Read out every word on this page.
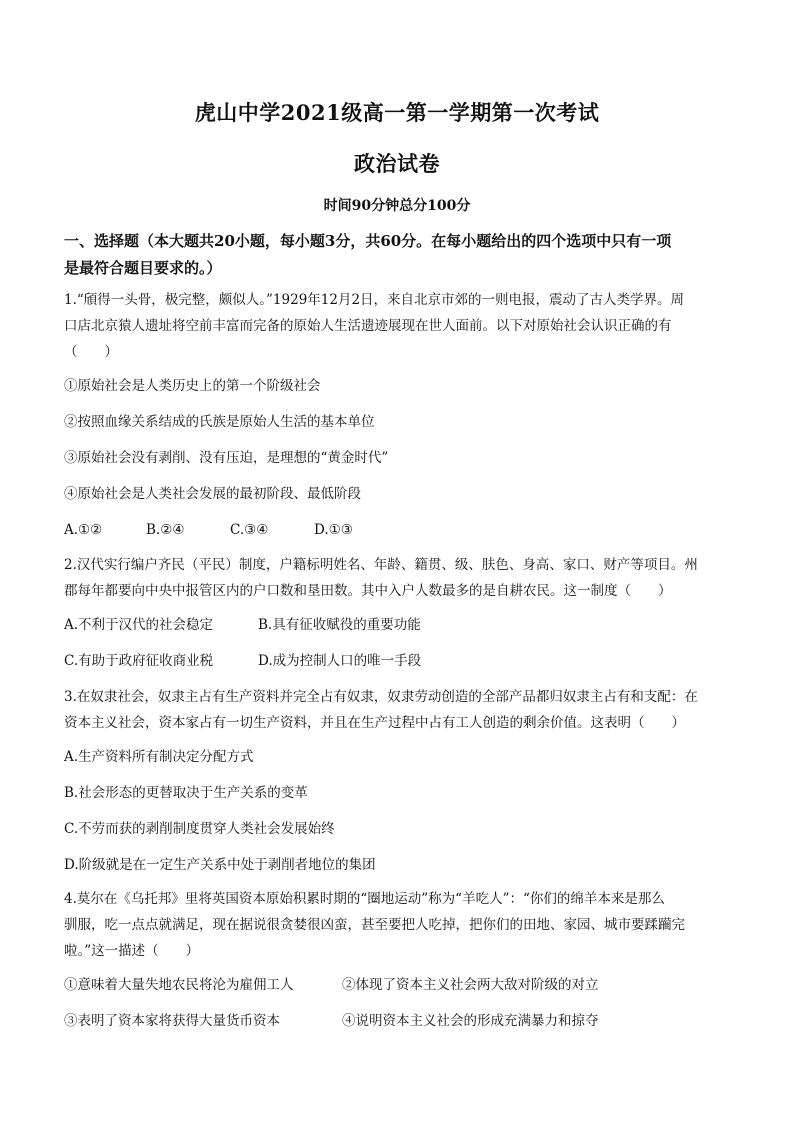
虎山中学2021级高一第一学期第一次考试
政治试卷
时间90分钟总分100分
一、选择题（本大题共20小题，每小题3分，共60分。在每小题给出的四个选项中只有一项
是最符合题目要求的。）
1.“頎得一头骨，极完整，颇似人。”1929年12月2日，来自北京市郊的一则电报，震动了古人类学界。周
口店北京猿人遗址将空前丰富而完备的原始人生活遗迹展现在世人面前。以下对原始社会认识正确的有
（　　）
①原始社会是人类历史上的第一个阶级社会
②按照血缘关系结成的氏族是原始人生活的基本单位
③原始社会没有剥削、没有压迫，是理想的“黄金时代”
④原始社会是人类社会发展的最初阶段、最低阶段
A.①②	B.②④	C.③④	D.①③
2.汉代实行编户齐民（平民）制度，户籍标明姓名、年龄、籍贯、级、肤色、身高、家口、财产等项目。州
郡每年都要向中央中报管区内的户口数和垦田数。其中入户人数最多的是自耕农民。这一制度（　　）
A.不利于汉代的社会稳定	B.具有征收赋役的重要功能
C.有助于政府征收商业税	D.成为控制人口的唯一手段
3.在奴隶社会，奴隶主占有生产资料并完全占有奴隶，奴隶劳动创造的全部产品都归奴隶主占有和支配：在
资本主义社会，资本家占有一切生产资料，并且在生产过程中占有工人创造的剩余价值。这表明（　　）
A.生产资料所有制决定分配方式
B.社会形态的更替取决于生产关系的变革
C.不劳而获的剥削制度贯穿人类社会发展始终
D.阶级就是在一定生产关系中处于剥削者地位的集团
4.莫尔在《乌托邦》里将英国资本原始积累时期的“圈地运动”称为“羊吃人”：“你们的绵羊本来是那么
驯服，吃一点点就满足，现在据说很贪婪很凶蛮，甚至要把人吃掉，把你们的田地、家园、城市要蹂躏完
啦。”这一描述（　　）
①意味着大量失地农民将沦为雇佣工人	②体现了资本主义社会两大敌对阶级的对立
③表明了资本家将获得大量货币资本	④说明资本主义社会的形成充满暴力和掠夺
